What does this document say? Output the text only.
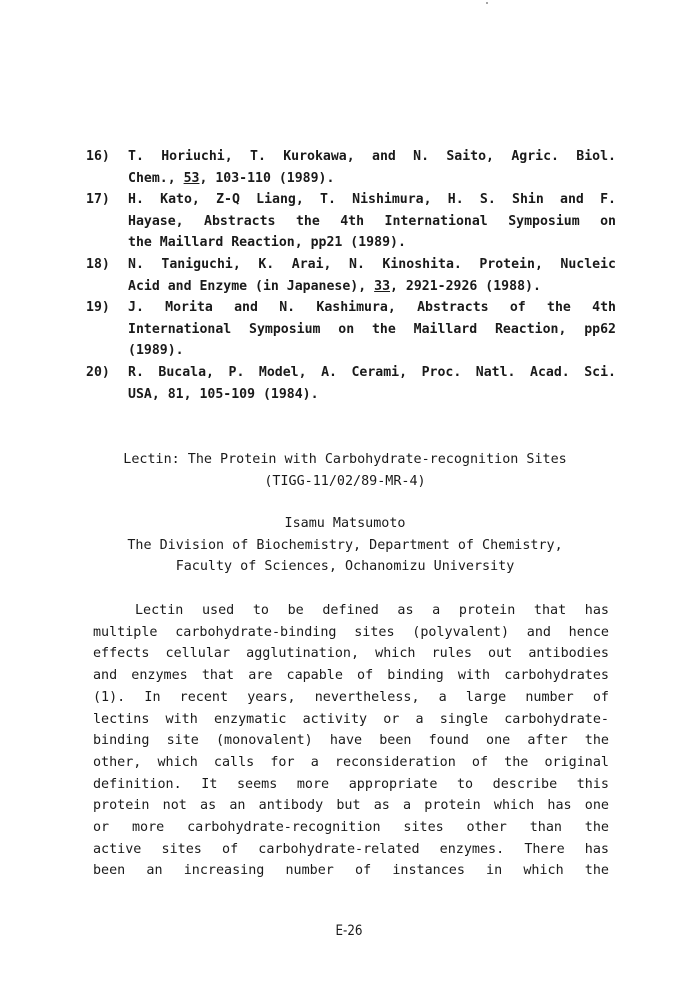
16)	T. Horiuchi, T. Kurokawa, and N. Saito, Agric. Biol.
Chem., 53, 103-110 (1989).
17)	H. Kato, Z-Q Liang, T. Nishimura, H. S. Shin and F.
Hayase, Abstracts the 4th International Symposium on
the Maillard Reaction, pp21 (1989).
18)	N. Taniguchi, K. Arai, N. Kinoshita. Protein, Nucleic
Acid and Enzyme (in Japanese), 33, 2921-2926 (1988).
19)	J. Morita and N. Kashimura, Abstracts of the 4th
International Symposium on the Maillard Reaction, pp62
(1989).
20)	R. Bucala, P. Model, A. Cerami, Proc. Natl. Acad. Sci.
USA, 81, 105-109 (1984).
Lectin: The Protein with Carbohydrate-recognition Sites
(TIGG-11/02/89-MR-4)
Isamu Matsumoto
The Division of Biochemistry, Department of Chemistry,
Faculty of Sciences, Ochanomizu University
Lectin used to be defined as a protein that has
multiple carbohydrate-binding sites (polyvalent) and hence
effects cellular agglutination, which rules out antibodies
and enzymes that are capable of binding with carbohydrates
(1). In recent years, nevertheless, a large number of
lectins with enzymatic activity or a single carbohydrate-
binding site (monovalent) have been found one after the
other, which calls for a reconsideration of the original
definition. It seems more appropriate to describe this
protein not as an antibody but as a protein which has one
or more carbohydrate-recognition sites other than the
active sites of carbohydrate-related enzymes. There has
been an increasing number of instances in which the
E-26
